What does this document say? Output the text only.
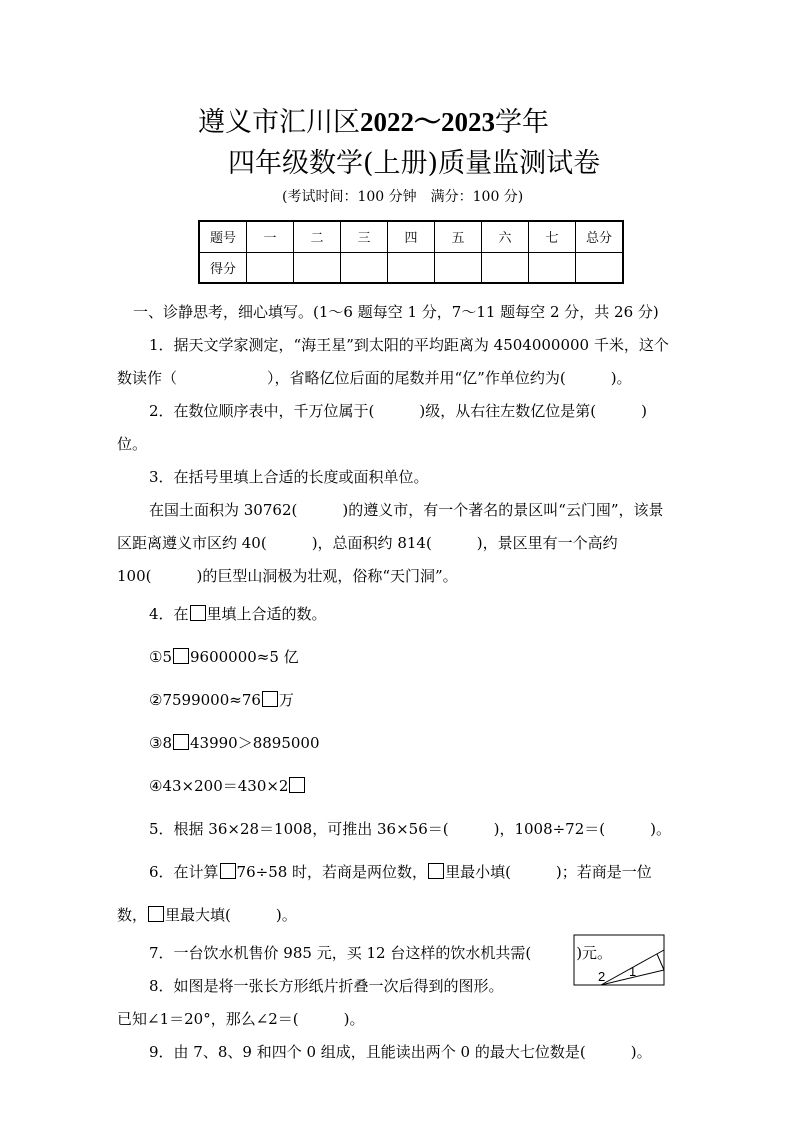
遵义市汇川区2022～2023学年
四年级数学(上册)质量监测试卷
(考试时间：100 分钟　满分：100 分)
题号	一	二	三	四	五	六	七	总分
得分								
一、诊静思考，细心填写。(1～6 题每空 1 分，7～11 题每空 2 分，共 26 分)
1．据天文学家测定，“海王星”到太阳的平均距离为 4504000000 千米，这个
数读作（　　　　　　），省略亿位后面的尾数并用“亿”作单位约为(　　　)。
2．在数位顺序表中，千万位属于(　　　)级，从右往左数亿位是第(　　　)
位。
3．在括号里填上合适的长度或面积单位。
在国土面积为 30762(　　　)的遵义市，有一个著名的景区叫“云门囤”，该景
区距离遵义市区约 40(　　　)，总面积约 814(　　　)，景区里有一个高约
100(　　　)的巨型山洞极为壮观，俗称“天门洞”。
4．在 里填上合适的数。
①5 9600000≈5 亿
②7599000≈76 万
③8 43990＞8895000
④43×200＝430×2
5．根据 36×28＝1008，可推出 36×56＝(　　　)，1008÷72＝(　　　)。
6．在计算 76÷58 时，若商是两位数， 里最小填(　　　)；若商是一位
数， 里最大填(　　　)。
7．一台饮水机售价 985 元，买 12 台这样的饮水机共需(　　　)元。
8．如图是将一张长方形纸片折叠一次后得到的图形。
已知∠1＝20°，那么∠2＝(　　　)。
9．由 7、8、9 和四个 0 组成，且能读出两个 0 的最大七位数是(　　　)。
1
2
